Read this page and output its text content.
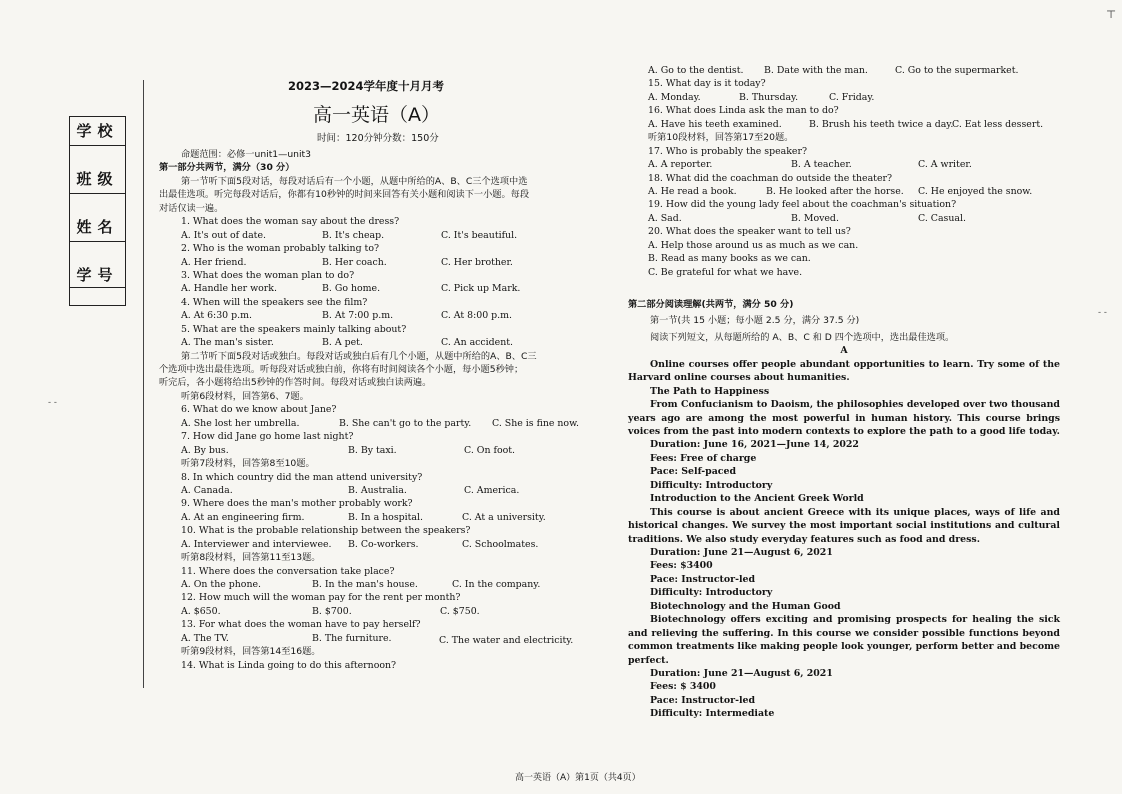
学校
班级
姓名
学号
- -
- -
⊤
2023—2024学年度十月月考
高一英语（A）
时间：120分钟分数：150分
命题范围：必修一unit1—unit3
第一部分共两节，满分（30 分）
第一节听下面5段对话，每段对话后有一个小题，从题中所给的A、B、C三个选项中选
出最佳选项。听完每段对话后，你都有10秒钟的时间来回答有关小题和阅读下一小题。每段
对话仅读一遍。
1. What does the woman say about the dress?
A. It's out of date.	B. It's cheap.	C. It's beautiful.
2. Who is the woman probably talking to?
A. Her friend.	B. Her coach.	C. Her brother.
3. What does the woman plan to do?
A. Handle her work.	B. Go home.	C. Pick up Mark.
4. When will the speakers see the film?
A. At 6:30 p.m.	B. At 7:00 p.m.	C. At 8:00 p.m.
5. What are the speakers mainly talking about?
A. The man's sister.	B. A pet.	C. An accident.
第二节听下面5段对话或独白。每段对话或独白后有几个小题，从题中所给的A、B、C三
个选项中选出最佳选项。听每段对话或独白前，你将有时间阅读各个小题，每小题5秒钟；
听完后，各小题将给出5秒钟的作答时间。每段对话或独白读两遍。
听第6段材料，回答第6、7题。
6. What do we know about Jane?
A. She lost her umbrella.	B. She can't go to the party. C. She is fine now.
7. How did Jane go home last night?
A. By bus.	B. By taxi.	C. On foot.
听第7段材料，回答第8至10题。
8. In which country did the man attend university?
A. Canada.	B. Australia.	C. America.
9. Where does the man's mother probably work?
A. At an engineering firm.	B. In a hospital.	C. At a university.
10. What is the probable relationship between the speakers?
A. Interviewer and interviewee. B. Co-workers.	C. Schoolmates.
听第8段材料，回答第11至13题。
11. Where does the conversation take place?
A. On the phone.	B. In the man's house.	C. In the company.
12. How much will the woman pay for the rent per month?
A. $650.	B. $700.	C. $750.
13. For what does the woman have to pay herself?
A. The TV.	B. The furniture.	C. The water and electricity.
听第9段材料，回答第14至16题。
14. What is Linda going to do this afternoon?
A. Go to the dentist. B. Date with the man.	C. Go to the supermarket.
15. What day is it today?
A. Monday.	B. Thursday.	C. Friday.
16. What does Linda ask the man to do?
A. Have his teeth examined.	B. Brush his teeth twice a day.
C. Eat less dessert.
听第10段材料，回答第17至20题。
17. Who is probably the speaker?
A. A reporter.	B. A teacher.	C. A writer.
18. What did the coachman do outside the theater?
A. He read a book.	B. He looked after the horse. C. He enjoyed the snow.
19. How did the young lady feel about the coachman's situation?
A. Sad.	B. Moved.	C. Casual.
20. What does the speaker want to tell us?
A. Help those around us as much as we can.
B. Read as many books as we can.
C. Be grateful for what we have.
第二部分阅读理解(共两节，满分 50 分)
第一节(共 15 小题；每小题 2.5 分，满分 37.5 分)
阅读下列短文，从每题所给的 A、B、C 和 D 四个选项中，选出最佳选项。
A
Online courses offer people abundant opportunities to learn. Try some of the Harvard online courses about humanities.
The Path to Happiness
From Confucianism to Daoism, the philosophies developed over two thousand years ago are among the most powerful in human history. This course brings voices from the past into modern contexts to explore the path to a good life today.
Duration: June 16, 2021—June 14, 2022
Fees: Free of charge
Pace: Self-paced
Difficulty: Introductory
Introduction to the Ancient Greek World
This course is about ancient Greece with its unique places, ways of life and historical changes. We survey the most important social institutions and cultural traditions. We also study everyday features such as food and dress.
Duration: June 21—August 6, 2021
Fees: $3400
Pace: Instructor-led
Difficulty: Introductory
Biotechnology and the Human Good
Biotechnology offers exciting and promising prospects for healing the sick and relieving the suffering. In this course we consider possible functions beyond common treatments like making people look younger, perform better and become perfect.
Duration: June 21—August 6, 2021
Fees: $ 3400
Pace: Instructor-led
Difficulty: Intermediate
高一英语（A）第1页（共4页）
